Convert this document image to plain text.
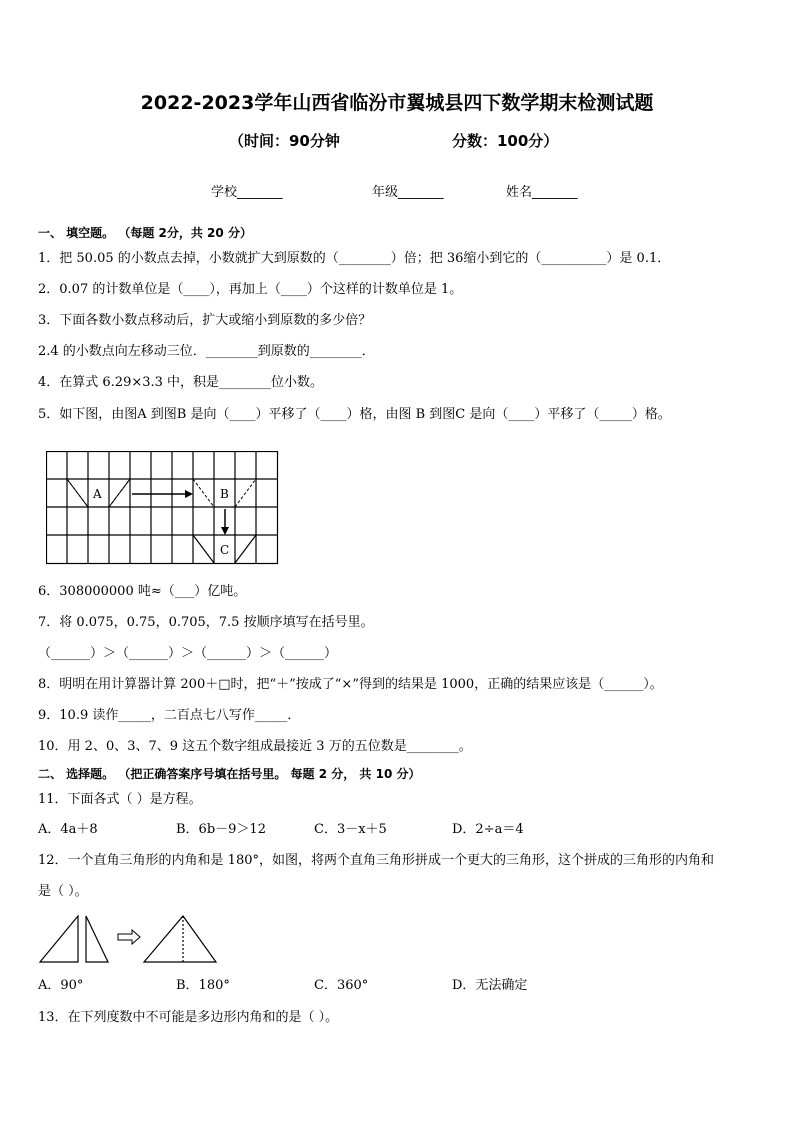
2022-2023学年山西省临汾市翼城县四下数学期末检测试题
（时间：90分钟	分数：100分）
学校_______	年级_______	姓名_______
一、 填空题。 （每题 2分，共 20 分）
1．把 50.05 的小数点去掉，小数就扩大到原数的（________）倍；把 36缩小到它的（__________）是 0.1．
2．0.07 的计数单位是（____），再加上（____）个这样的计数单位是 1。
3．下面各数小数点移动后，扩大或缩小到原数的多少倍？
2.4 的小数点向左移动三位．________到原数的________．
4．在算式 6.29×3.3 中，积是________位小数。
5．如下图，由图A 到图B 是向（____）平移了（____）格，由图 B 到图C 是向（____）平移了（_____）格。
A	B
C
6．308000000 吨≈（___）亿吨。
7．将 0.075，0.75，0.705，7.5 按顺序填写在括号里。
（______）＞（______）＞（______）＞（______）
8．明明在用计算器计算 200＋□时，把“＋”按成了“×”得到的结果是 1000，正确的结果应该是（______）。
9．10.9 读作_____，二百点七八写作_____．
10．用 2、0、3、7、9 这五个数字组成最接近 3 万的五位数是________。
二、 选择题。 （把正确答案序号填在括号里。 每题 2 分， 共 10 分）
11．下面各式（ ）是方程。
A．4a＋8	B．6b－9＞12	C．3－x＋5	D．2÷a＝4
12．一个直角三角形的内角和是 180°，如图，将两个直角三角形拼成一个更大的三角形，这个拼成的三角形的内角和
是（ ）。
A．90°	B．180°	C．360°	D．无法确定
13．在下列度数中不可能是多边形内角和的是（ ）。
